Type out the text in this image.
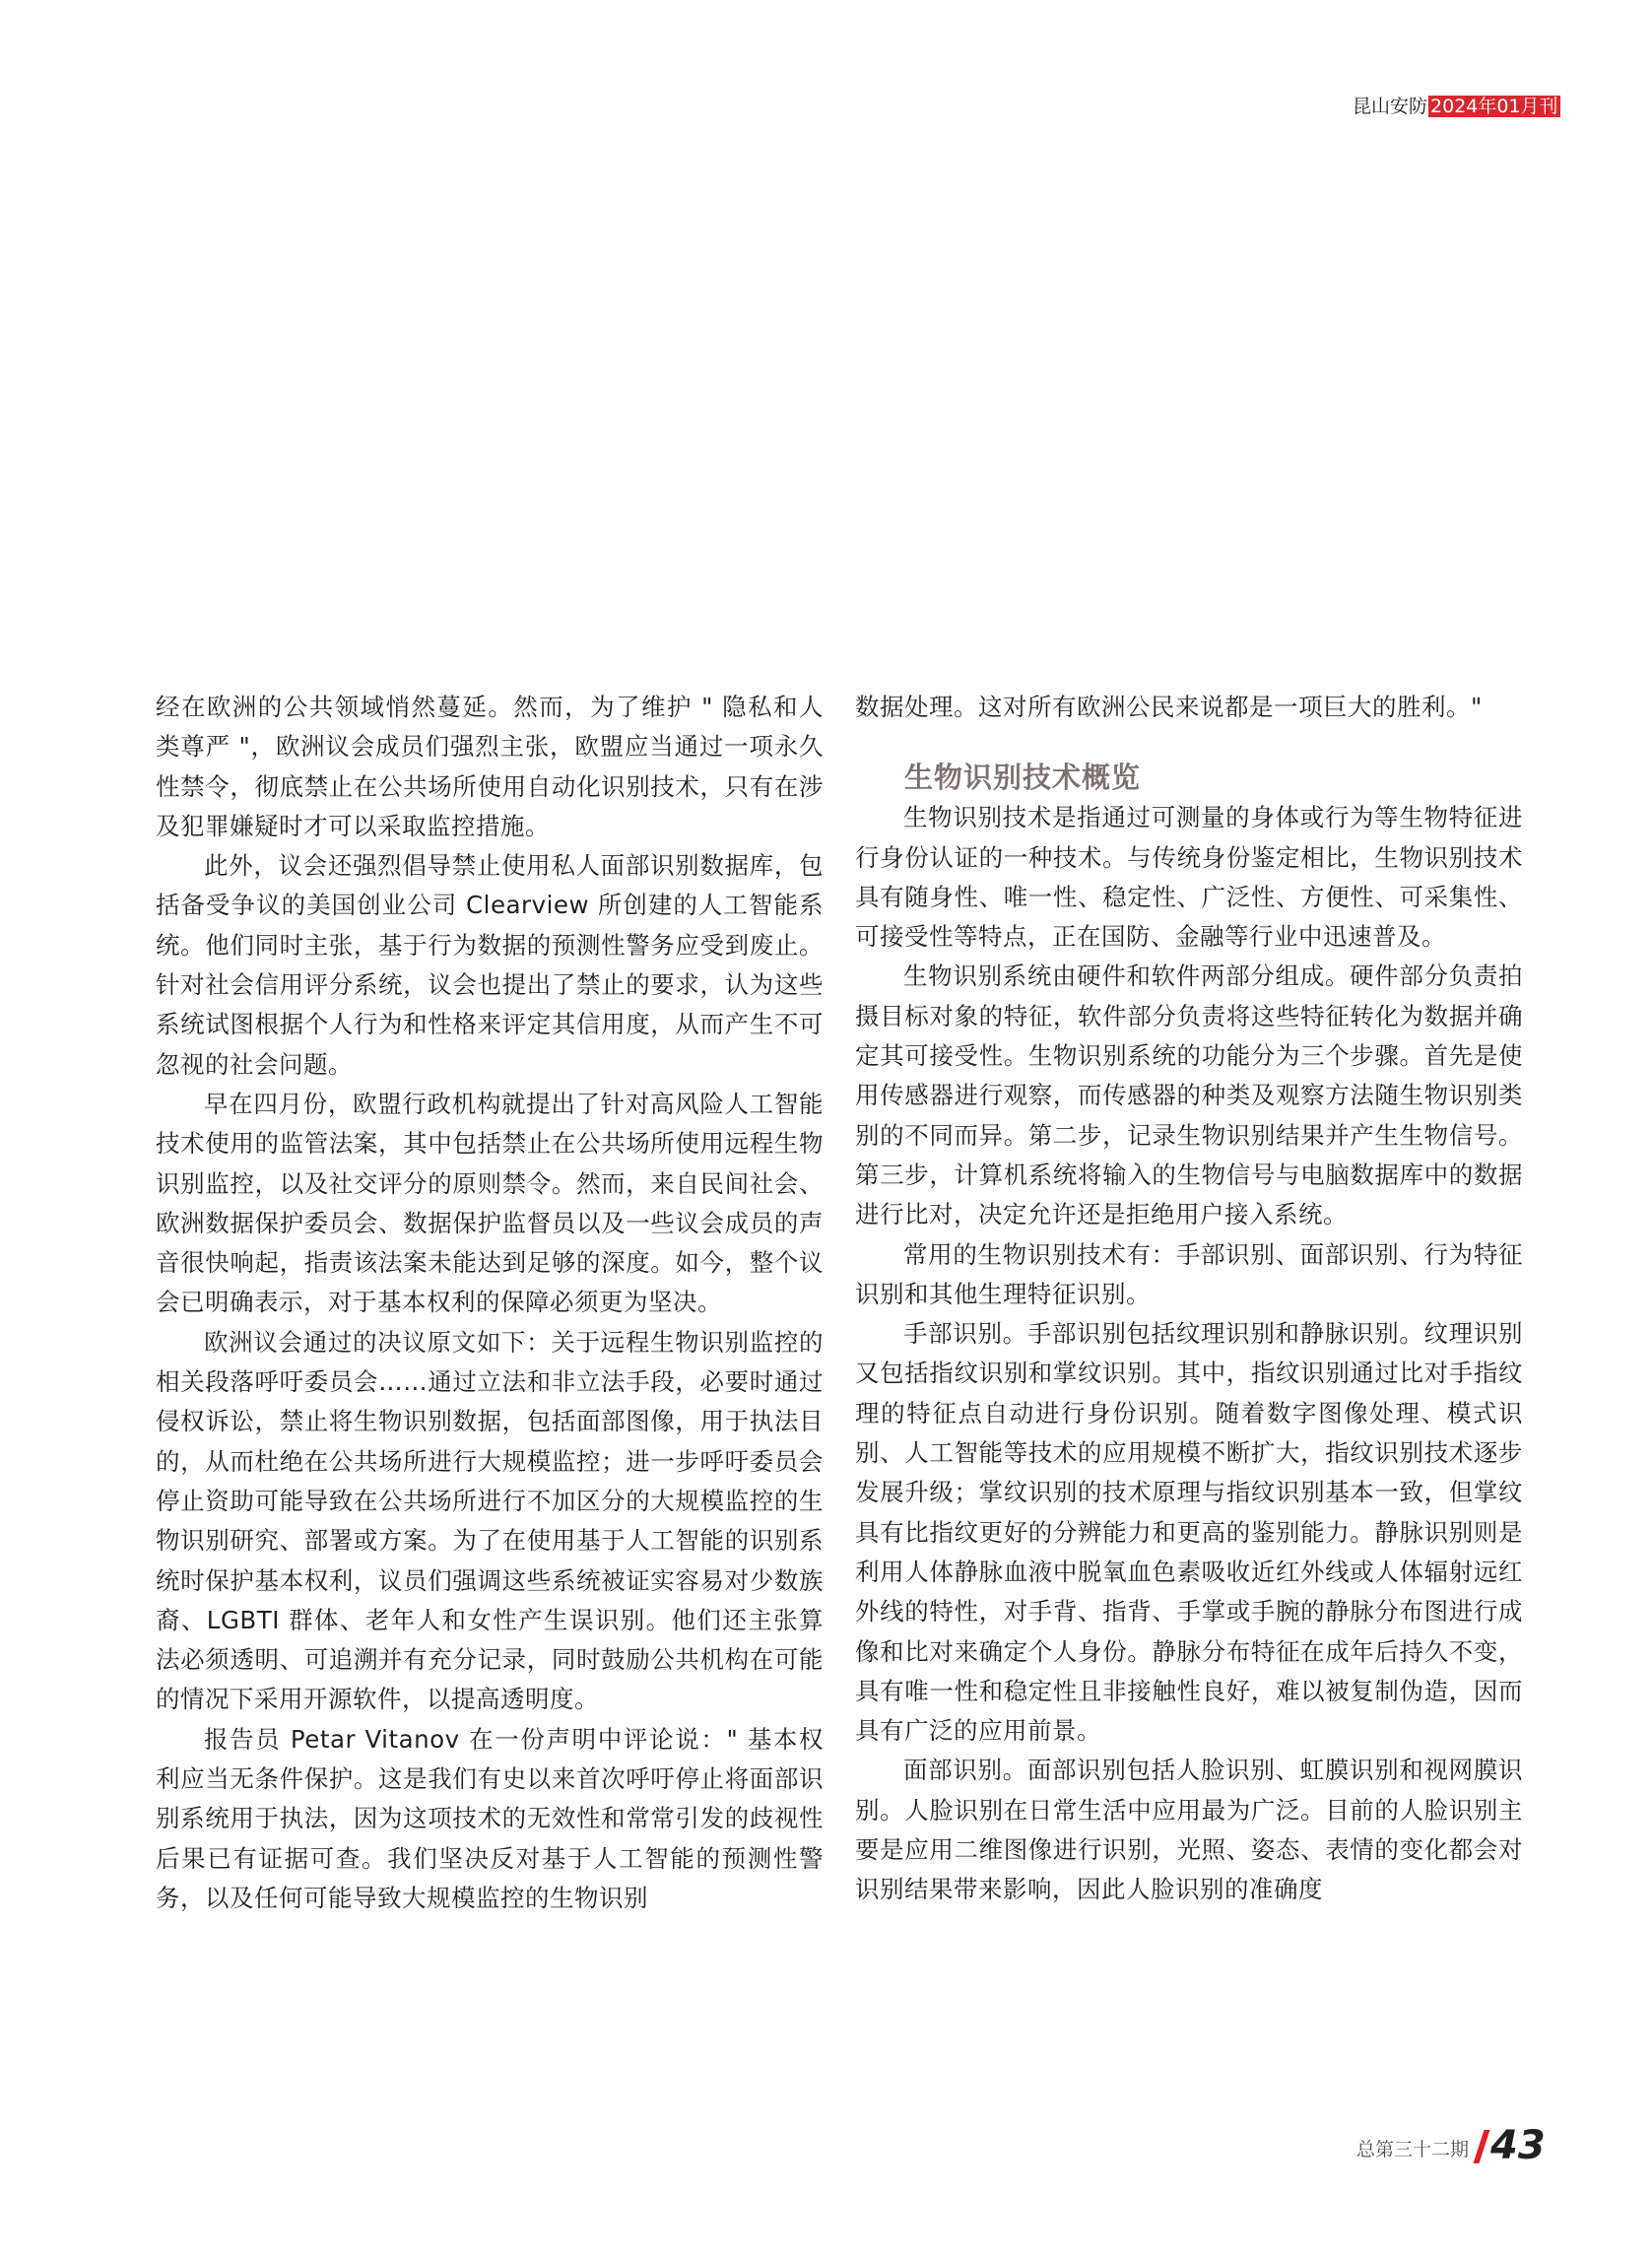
昆山安防 2024年01月刊

经在欧洲的公共领域悄然蔓延。然而，为了维护 " 隐私和人类尊严 "，欧洲议会成员们强烈主张，欧盟应当通过一项永久性禁令，彻底禁止在公共场所使用自动化识别技术，只有在涉及犯罪嫌疑时才可以采取监控措施。

此外，议会还强烈倡导禁止使用私人面部识别数据库，包括备受争议的美国创业公司 Clearview 所创建的人工智能系统。他们同时主张，基于行为数据的预测性警务应受到废止。针对社会信用评分系统，议会也提出了禁止的要求，认为这些系统试图根据个人行为和性格来评定其信用度，从而产生不可忽视的社会问题。

早在四月份，欧盟行政机构就提出了针对高风险人工智能技术使用的监管法案，其中包括禁止在公共场所使用远程生物识别监控，以及社交评分的原则禁令。然而，来自民间社会、欧洲数据保护委员会、数据保护监督员以及一些议会成员的声音很快响起，指责该法案未能达到足够的深度。如今，整个议会已明确表示，对于基本权利的保障必须更为坚决。

欧洲议会通过的决议原文如下：关于远程生物识别监控的相关段落呼吁委员会……通过立法和非立法手段，必要时通过侵权诉讼，禁止将生物识别数据，包括面部图像，用于执法目的，从而杜绝在公共场所进行大规模监控；进一步呼吁委员会停止资助可能导致在公共场所进行不加区分的大规模监控的生物识别研究、部署或方案。为了在使用基于人工智能的识别系统时保护基本权利，议员们强调这些系统被证实容易对少数族裔、LGBTI 群体、老年人和女性产生误识别。他们还主张算法必须透明、可追溯并有充分记录，同时鼓励公共机构在可能的情况下采用开源软件，以提高透明度。

报告员 Petar Vitanov 在一份声明中评论说：" 基本权利应当无条件保护。这是我们有史以来首次呼吁停止将面部识别系统用于执法，因为这项技术的无效性和常常引发的歧视性后果已有证据可查。我们坚决反对基于人工智能的预测性警务，以及任何可能导致大规模监控的生物识别

数据处理。这对所有欧洲公民来说都是一项巨大的胜利。"

生物识别技术概览

生物识别技术是指通过可测量的身体或行为等生物特征进行身份认证的一种技术。与传统身份鉴定相比，生物识别技术具有随身性、唯一性、稳定性、广泛性、方便性、可采集性、可接受性等特点，正在国防、金融等行业中迅速普及。

生物识别系统由硬件和软件两部分组成。硬件部分负责拍摄目标对象的特征，软件部分负责将这些特征转化为数据并确定其可接受性。生物识别系统的功能分为三个步骤。首先是使用传感器进行观察，而传感器的种类及观察方法随生物识别类别的不同而异。第二步，记录生物识别结果并产生生物信号。第三步，计算机系统将输入的生物信号与电脑数据库中的数据进行比对，决定允许还是拒绝用户接入系统。

常用的生物识别技术有：手部识别、面部识别、行为特征识别和其他生理特征识别。

手部识别。手部识别包括纹理识别和静脉识别。纹理识别又包括指纹识别和掌纹识别。其中，指纹识别通过比对手指纹理的特征点自动进行身份识别。随着数字图像处理、模式识别、人工智能等技术的应用规模不断扩大，指纹识别技术逐步发展升级；掌纹识别的技术原理与指纹识别基本一致，但掌纹具有比指纹更好的分辨能力和更高的鉴别能力。静脉识别则是利用人体静脉血液中脱氧血色素吸收近红外线或人体辐射远红外线的特性，对手背、指背、手掌或手腕的静脉分布图进行成像和比对来确定个人身份。静脉分布特征在成年后持久不变，具有唯一性和稳定性且非接触性良好，难以被复制伪造，因而具有广泛的应用前景。

面部识别。面部识别包括人脸识别、虹膜识别和视网膜识别。人脸识别在日常生活中应用最为广泛。目前的人脸识别主要是应用二维图像进行识别，光照、姿态、表情的变化都会对识别结果带来影响，因此人脸识别的准确度

总第三十二期 43
